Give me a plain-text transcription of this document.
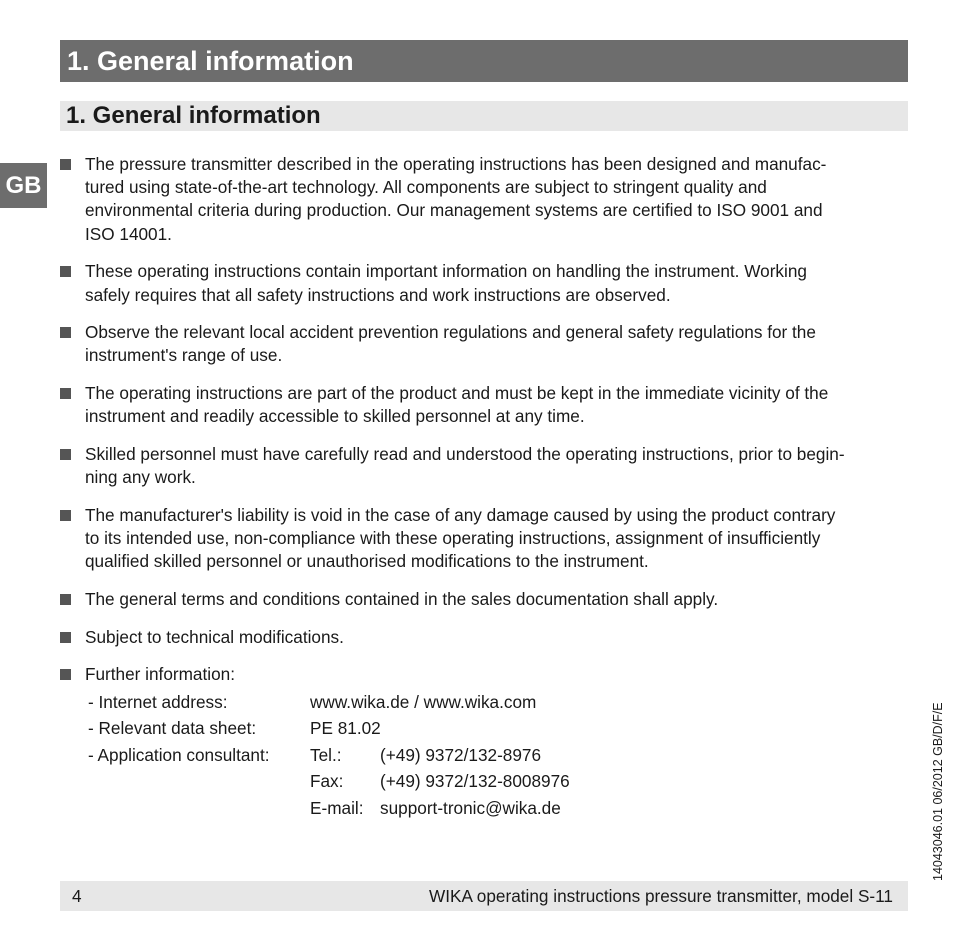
1. General information
1. General information
GB
The pressure transmitter described in the operating instructions has been designed and manufac-
tured using state-of-the-art technology. All components are subject to stringent quality and
environmental criteria during production. Our management systems are certified to ISO 9001 and
ISO 14001.
These operating instructions contain important information on handling the instrument. Working
safely requires that all safety instructions and work instructions are observed.
Observe the relevant local accident prevention regulations and general safety regulations for the
instrument's range of use.
The operating instructions are part of the product and must be kept in the immediate vicinity of the
instrument and readily accessible to skilled personnel at any time.
Skilled personnel must have carefully read and understood the operating instructions, prior to begin-
ning any work.
The manufacturer's liability is void in the case of any damage caused by using the product contrary
to its intended use, non-compliance with these operating instructions, assignment of insufficiently
qualified skilled personnel or unauthorised modifications to the instrument.
The general terms and conditions contained in the sales documentation shall apply.
Subject to technical modifications.
Further information:
- Internet address:	www.wika.de / www.wika.com	
- Relevant data sheet:	PE 81.02	
- Application consultant:	Tel.:	(+49) 9372/132-8976
	Fax:	(+49) 9372/132-8008976
	E-mail:	support-tronic@wika.de
4	WIKA operating instructions pressure transmitter, model S-11
14043046.01 06/2012 GB/D/F/E
